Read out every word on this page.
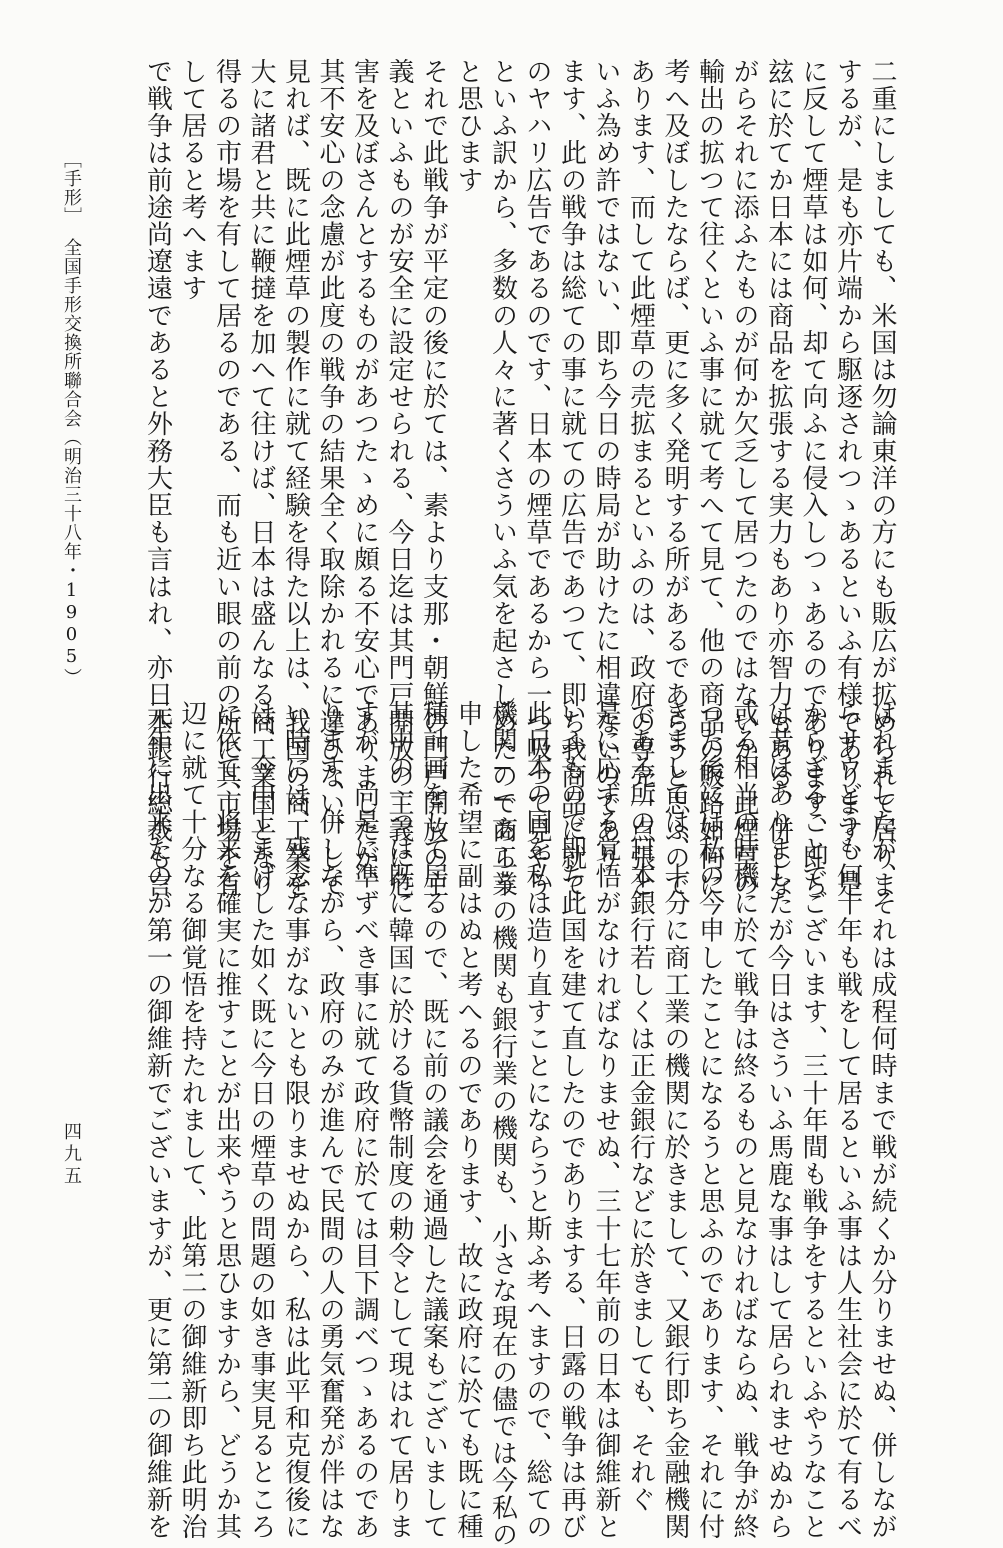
二重にしましても、米国は勿論東洋の方にも販広が拡められて居りま
するが、是も亦片端から駆逐されつゝあるといふ有様であります、是
に反して煙草は如何、却て向ふに侵入しつゝあるのであります、即ち
玆に於てか日本には商品を拡張する実力もあり亦智力もある、併しな
がらそれに添ふたものが何か欠乏して居つたのではないか、此煙草の
輸出の拡つて往くといふ事に就て考へて見て、他の商品の販路如何に
考へ及ぼしたならば、更に多く発明する所があるであらうと思ふので
あります、而して此煙草の売拡まるといふのは、政府の専売一点張と
いふ為め許ではない、即ち今日の時局が助けたに相違ないのであり
ます、此の戦争は総ての事に就ての広告であつて、即ち我商品に就て
のヤハリ広告であるのです、日本の煙草であるから一つ吸つて見やう
といふ訳から、多数の人々に著くさういふ気を起さしめたのであらう
と思ひます
それで此戦争が平定の後に於ては、素より支那・朝鮮の門戸開放の主
義といふものが安全に設定せられる、今日迄は其門戸開放の主義に危
害を及ぼさんとするものがあつたゝめに頗る不安心でありましたが、
其不安心の念慮が此度の戦争の結果全く取除かれるに違ひない、して
見れば、既に此煙草の製作に就て経験を得た以上は、我国の商工業を
大に諸君と共に鞭撻を加へて往けば、日本は盛んなる商工業国となり
得るの市場を有して居るのである、而も近い眼の前の所に其市場を有
して居ると考へます
で戦争は前途尚遼遠であると外務大臣も言はれ、亦日本銀行総裁も言
はれましたが、それは成程何時まで戦が続くか分りませぬ、併しなが
らサウどうも何十年も戦をして居るといふ事は人生社会に於て有るべ
からざることでございます、三十年間も戦争をするといふやうなこと
は昔はありましたが今日はさういふ馬鹿な事はして居られませぬから
或る相当の時機に於て戦争は終るものと見なければならぬ、戦争が終
つた後には私の今申したことになるうと思ふのであります、それに付
きましては、十分に商工業の機関に於きまして、又銀行即ち金融機関
である所の日本銀行若しくは正金銀行などに於きましても、それぐ
是に応ずる覚悟がなければなりませぬ、三十七年前の日本は御維新と
いふもので即ち此国を建て直したのでありまする、日露の戦争は再び
此日本の国を私は造り直すことにならうと斯ふ考へますので、総ての
機関──商工業の機関も銀行業の機関も、小さな現在の儘では今私の
申した希望に副はぬと考へるのであります、故に政府に於ても既に種
種計画をして居るので、既に前の議会を通過した議案もございまして
其中の一つは既に韓国に於ける貨幣制度の勅令として現はれて居りま
すが、尚是に準ずべき事に就て政府に於ては目下調べつゝあるのであ
ります、併しながら、政府のみが進んで民間の人の勇気奮発が伴はな
い時には、残念な事がないとも限りませぬから、私は此平和克復後に
は、今申上まげした如く既に今日の煙草の問題の如き事実見るところ
に依て、将来を確実に推すことが出来やうと思ひますから、どうか其
辺に就て十分なる御覚悟を持たれまして、此第二の御維新即ち此明治
元年に出来たのが第一の御維新でございますが、更に第二の御維新を
［手形］
全国手形交換所聯合会（明治三十八年・1905）
四九五
